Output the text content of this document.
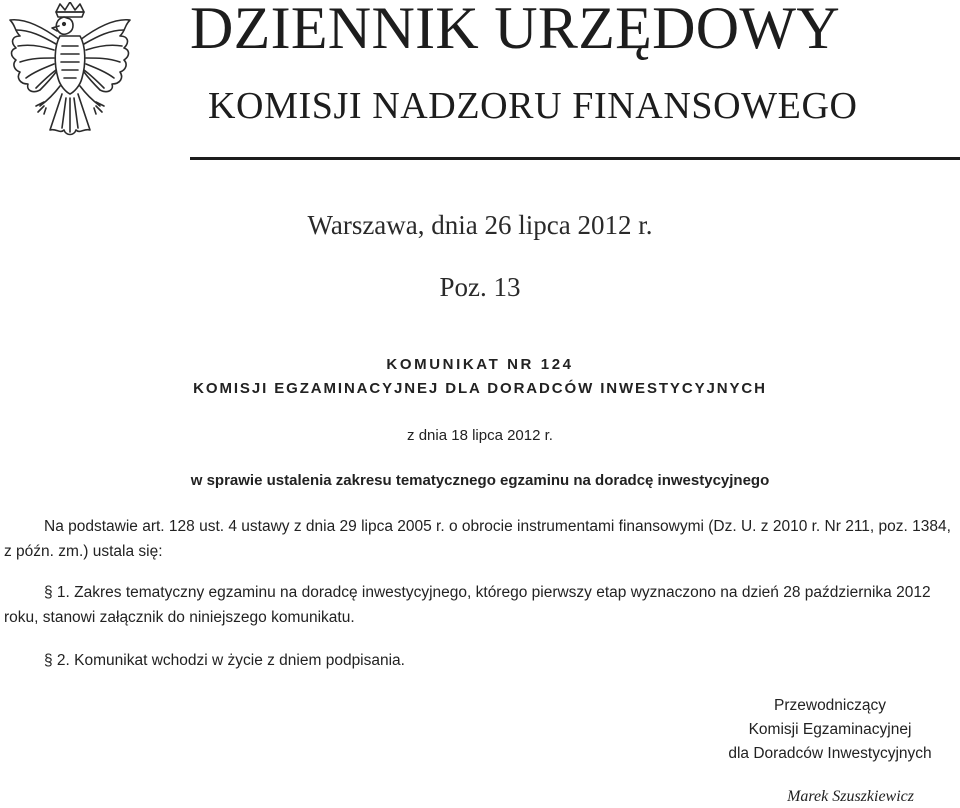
DZIENNIK URZĘDOWY
KOMISJI NADZORU FINANSOWEGO
Warszawa, dnia 26 lipca 2012 r.
Poz. 13
KOMUNIKAT NR 124
KOMISJI EGZAMINACYJNEJ DLA DORADCÓW INWESTYCYJNYCH
z dnia 18 lipca 2012 r.
w sprawie ustalenia zakresu tematycznego egzaminu na doradcę inwestycyjnego

Na podstawie art. 128 ust. 4 ustawy z dnia 29 lipca 2005 r. o obrocie instrumentami finansowymi (Dz. U. z 2010 r. Nr 211, poz. 1384, z późn. zm.) ustala się:

§ 1. Zakres tematyczny egzaminu na doradcę inwestycyjnego, którego pierwszy etap wyznaczono na dzień 28 października 2012 roku, stanowi załącznik do niniejszego komunikatu.

§ 2. Komunikat wchodzi w życie z dniem podpisania.

Przewodniczący
Komisji Egzaminacyjnej
dla Doradców Inwestycyjnych
Marek Szuszkiewicz
